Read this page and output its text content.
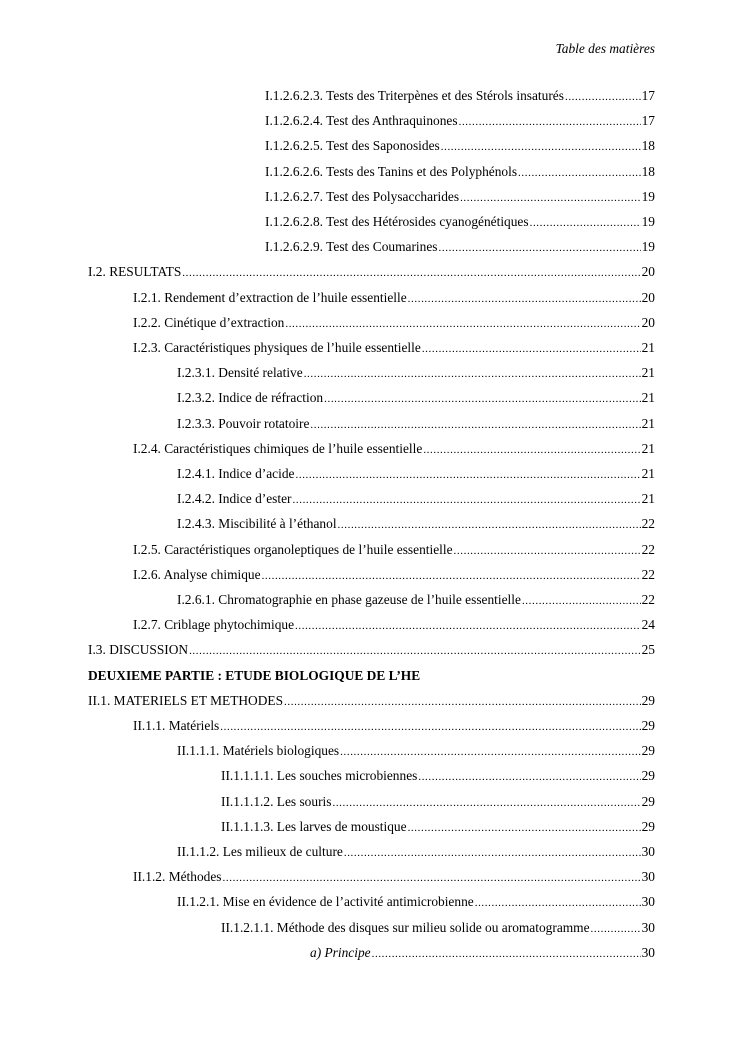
Table des matières
I.1.2.6.2.3. Tests des Triterpènes et des Stérols insaturés .....	17
I.1.2.6.2.4. Test des Anthraquinones .....	17
I.1.2.6.2.5. Test des Saponosides .....	18
I.1.2.6.2.6. Tests des Tanins et des Polyphénols .....	18
I.1.2.6.2.7. Test des Polysaccharides .....	19
I.1.2.6.2.8. Test des Hétérosides cyanogénétiques .....	19
I.1.2.6.2.9. Test des Coumarines .....	19
I.2. RESULTATS .....	20
I.2.1. Rendement d’extraction de l’huile essentielle .....	20
I.2.2. Cinétique d’extraction .....	20
I.2.3. Caractéristiques physiques de l’huile essentielle .....	21
I.2.3.1. Densité relative .....	21
I.2.3.2. Indice de réfraction .....	21
I.2.3.3. Pouvoir rotatoire .....	21
I.2.4. Caractéristiques chimiques de l’huile essentielle .....	21
I.2.4.1. Indice d’acide .....	21
I.2.4.2. Indice d’ester .....	21
I.2.4.3. Miscibilité à l’éthanol .....	22
I.2.5. Caractéristiques organoleptiques de l’huile essentielle .....	22
I.2.6. Analyse chimique .....	22
I.2.6.1. Chromatographie en phase gazeuse de l’huile essentielle .....	22
I.2.7. Criblage phytochimique .....	24
I.3. DISCUSSION .....	25
DEUXIEME PARTIE : ETUDE BIOLOGIQUE DE L’HE
II.1. MATERIELS ET METHODES .....	29
II.1.1. Matériels .....	29
II.1.1.1. Matériels biologiques .....	29
II.1.1.1.1. Les souches microbiennes .....	29
II.1.1.1.2. Les souris .....	29
II.1.1.1.3. Les larves de moustique .....	29
II.1.1.2. Les milieux de culture .....	30
II.1.2. Méthodes .....	30
II.1.2.1. Mise en évidence de l’activité antimicrobienne .....	30
II.1.2.1.1. Méthode des disques sur milieu solide ou aromatogramme .....	30
a) Principe .....	30
